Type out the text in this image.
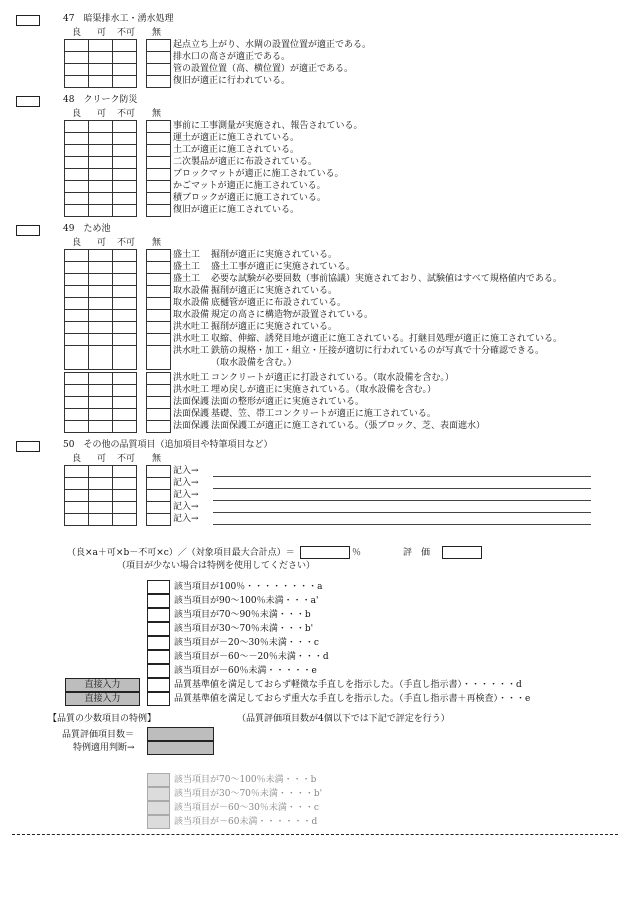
47　暗渠排水工・湧水処理
良 可 不可 無

起点立ち上がり、水閘の設置位置が適正である。
排水口の高さが適正である。
管の設置位置（高、横位置）が適正である。
復旧が適正に行われている。
48　クリーク防災
良 可 不可 無

事前に工事測量が実施され、報告されている。
運土が適正に施工されている。
土工が適正に施工されている。
二次製品が適正に布設されている。
ブロックマットが適正に施工されている。
かごマットが適正に施工されている。
積ブロックが適正に施工されている。
復旧が適正に施工されている。
49　ため池
良 可 不可 無

盛土工 掘削が適正に実施されている。
盛土工 盛土工事が適正に実施されている。
盛土工 必要な試験が必要回数（事前協議）実施されており、試験値はすべて規格値内である。
取水設備 掘削が適正に実施されている。
取水設備 底樋管が適正に布設されている。
取水設備 規定の高さに構造物が設置されている。
洪水吐工 掘削が適正に実施されている。
洪水吐工 収縮、伸縮、誘発目地が適正に施工されている。打継目処理が適正に施工されている。
洪水吐工 鉄筋の規格・加工・組立・圧接が適切に行われているのが写真で十分確認できる。
（取水設備を含む。）
洪水吐工 コンクリートが適正に打設されている。（取水設備を含む。）
洪水吐工 埋め戻しが適正に実施されている。（取水設備を含む。）
法面保護 法面の整形が適正に実施されている。
法面保護 基礎、笠、帯工コンクリートが適正に施工されている。
法面保護 法面保護工が適正に施工されている。（張ブロック、芝、表面遮水）
50　その他の品質項目（追加項目や特筆項目など）
良 可 不可 無

記入→
記入→
記入→
記入→
記入→
（良×a＋可×b－不可×c）／（対象項目最大合計点）＝	％	評　価
（項目が少ない場合は特例を使用してください）
該当項目が100％・・・・・・・・a
該当項目が90～100％未満・・・a'
該当項目が70～90％未満・・・b
該当項目が30～70％未満・・・b'
該当項目が－20～30％未満・・・c
該当項目が－60～－20％未満・・・d
該当項目が－60％未満・・・・・e
直接入力	品質基準値を満足しておらず軽微な手直しを指示した。（手直し指示書）・・・・・・d
直接入力	品質基準値を満足しておらず重大な手直しを指示した。（手直し指示書＋再検査）・・・e
【品質の少数項目の特例】	（品質評価項目数が4個以下では下記で評定を行う）
品質評価項目数＝
特例適用判断→
該当項目が70～100％未満・・・b
該当項目が30～70％未満・・・・b'
該当項目が－60～30％未満・・・c
該当項目が－60未満・・・・・・d
